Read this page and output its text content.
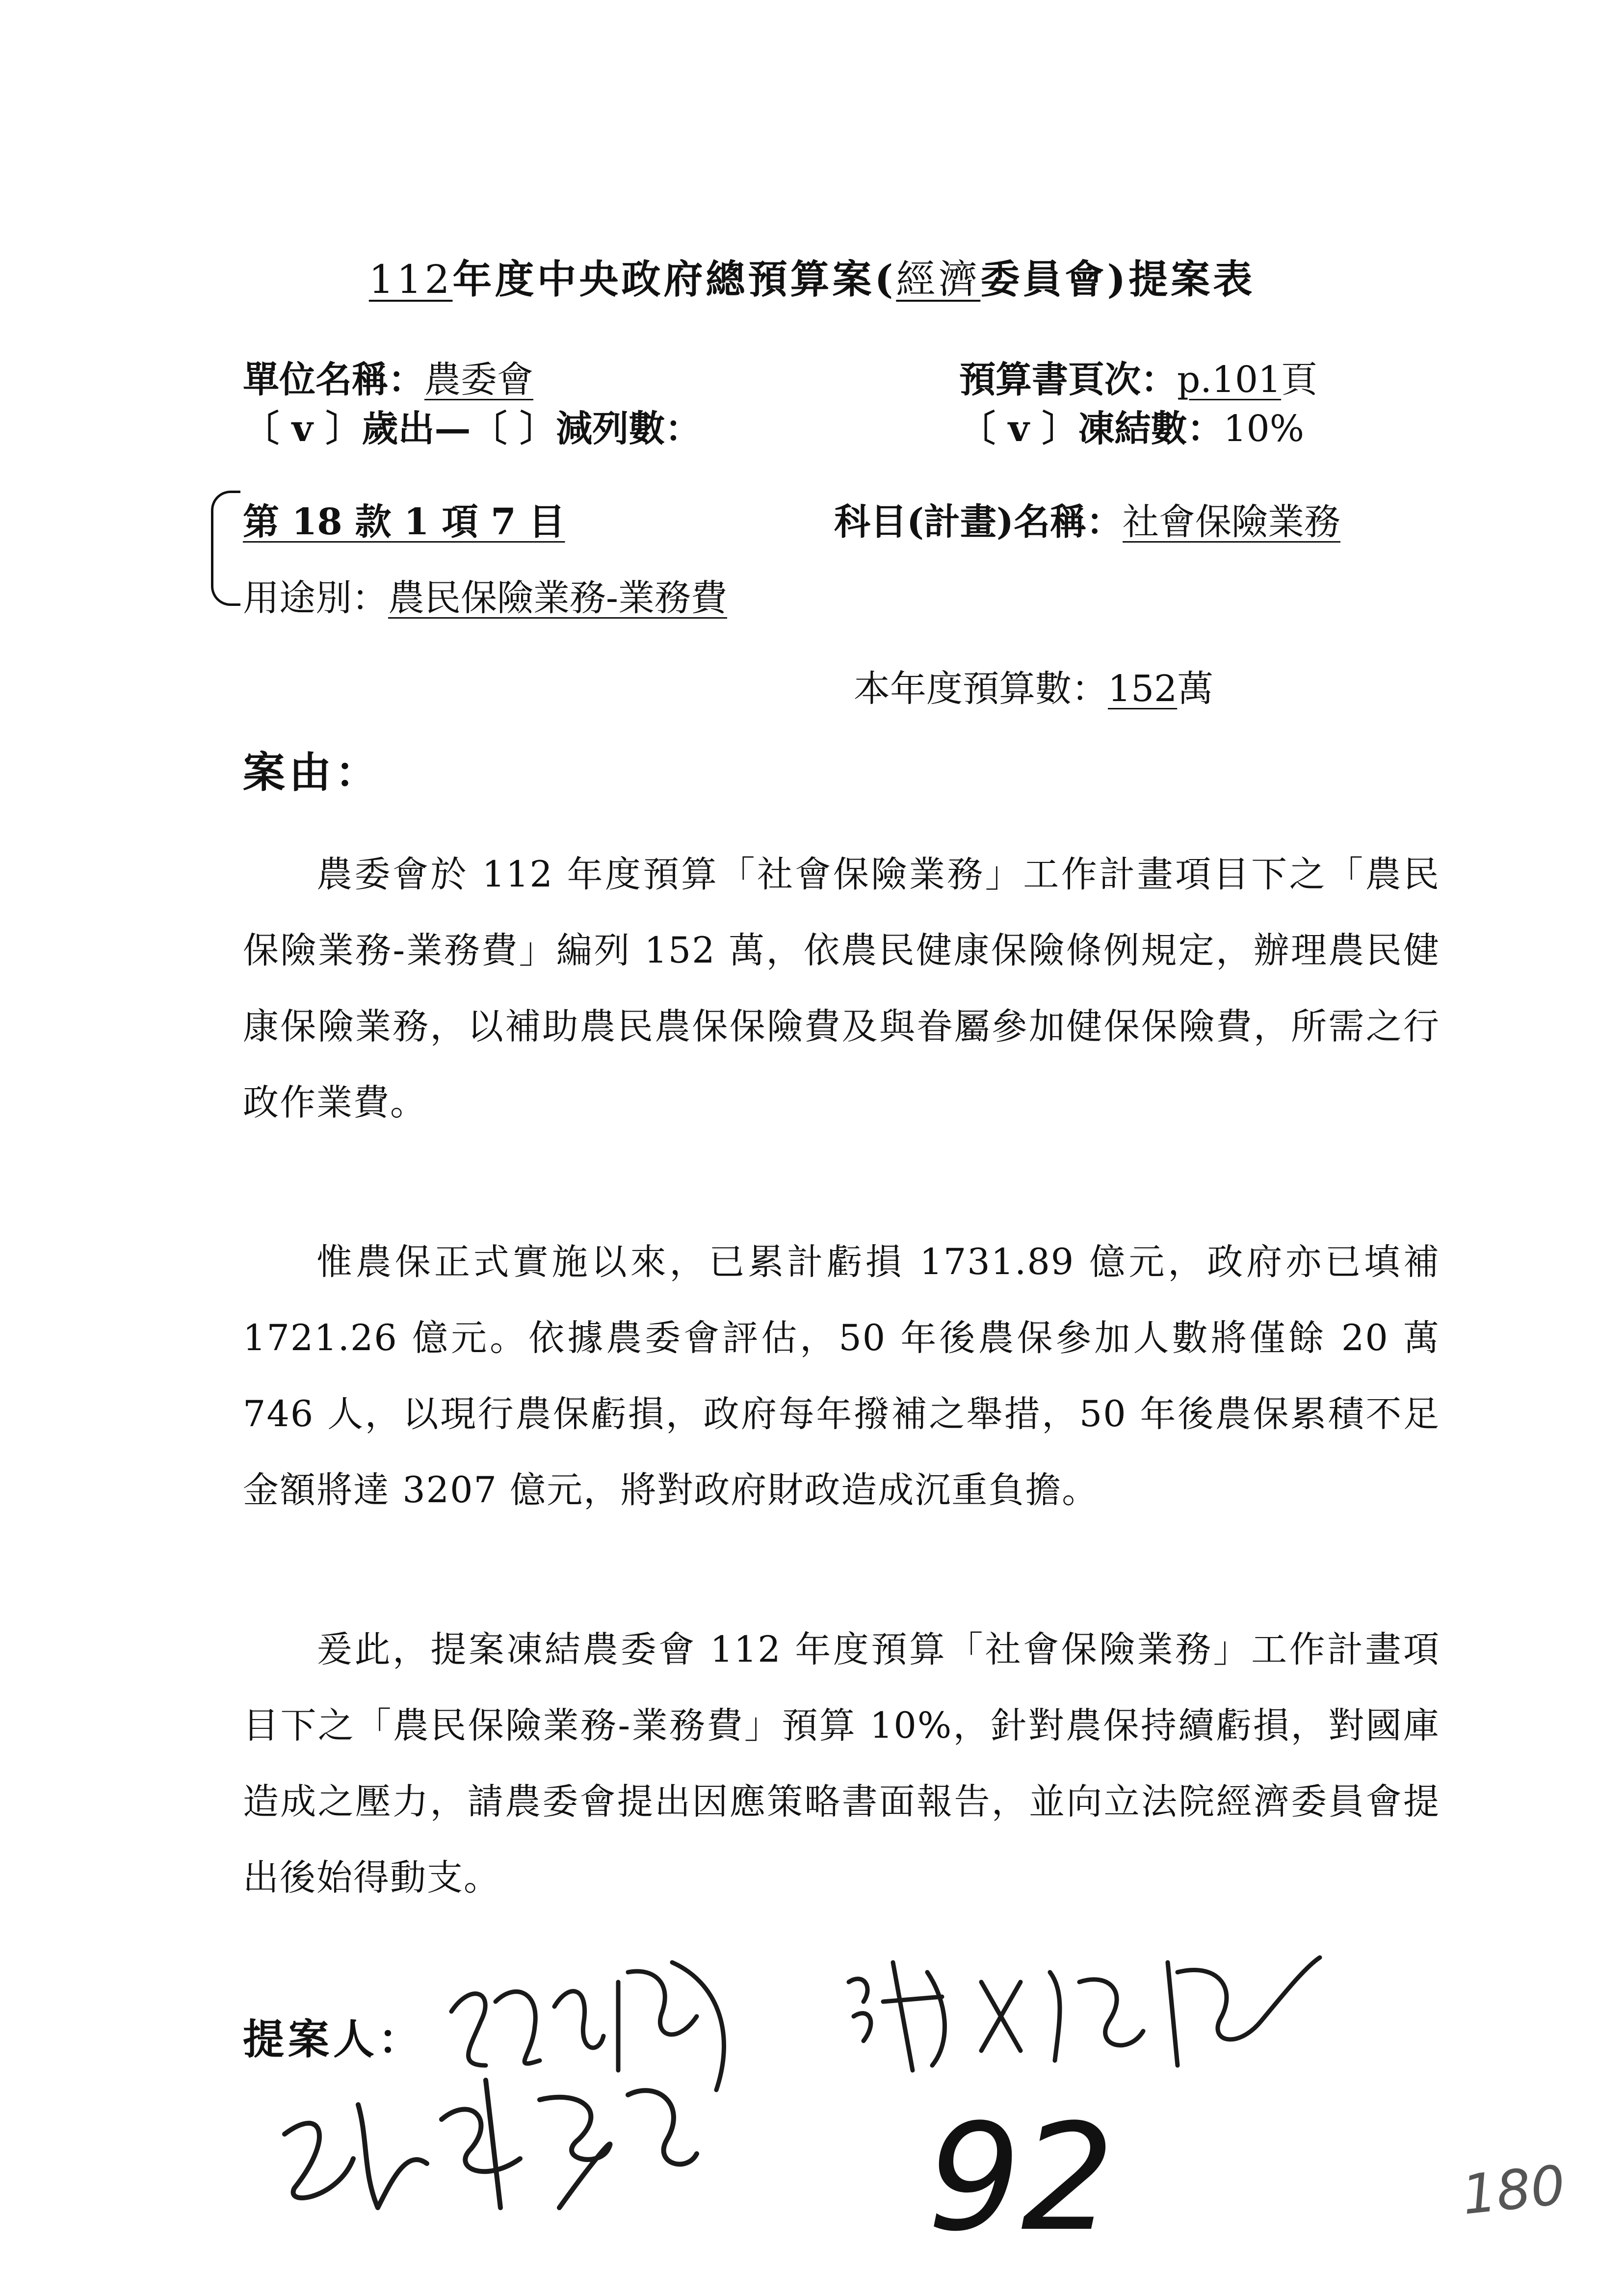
112年度中央政府總預算案(經濟委員會)提案表
單位名稱：農委會	預算書頁次：p.101頁
〔 v 〕歲出—〔 〕減列數：	〔 v 〕凍結數：10%
第 18 款 1 項 7 目	科目(計畫)名稱：社會保險業務
用途別：農民保險業務-業務費
本年度預算數：152萬
案由：
農委會於 112 年度預算「社會保險業務」工作計畫項目下之「農民保險業務-業務費」編列 152 萬，依農民健康保險條例規定，辦理農民健康保險業務，以補助農民農保保險費及與眷屬參加健保保險費，所需之行政作業費。
惟農保正式實施以來，已累計虧損 1731.89 億元，政府亦已填補 1721.26 億元。依據農委會評估，50 年後農保參加人數將僅餘 20 萬 746 人，以現行農保虧損，政府每年撥補之舉措，50 年後農保累積不足金額將達 3207 億元，將對政府財政造成沉重負擔。
爰此，提案凍結農委會 112 年度預算「社會保險業務」工作計畫項目下之「農民保險業務-業務費」預算 10%，針對農保持續虧損，對國庫造成之壓力，請農委會提出因應策略書面報告，並向立法院經濟委員會提出後始得動支。
提案人：
92	180
